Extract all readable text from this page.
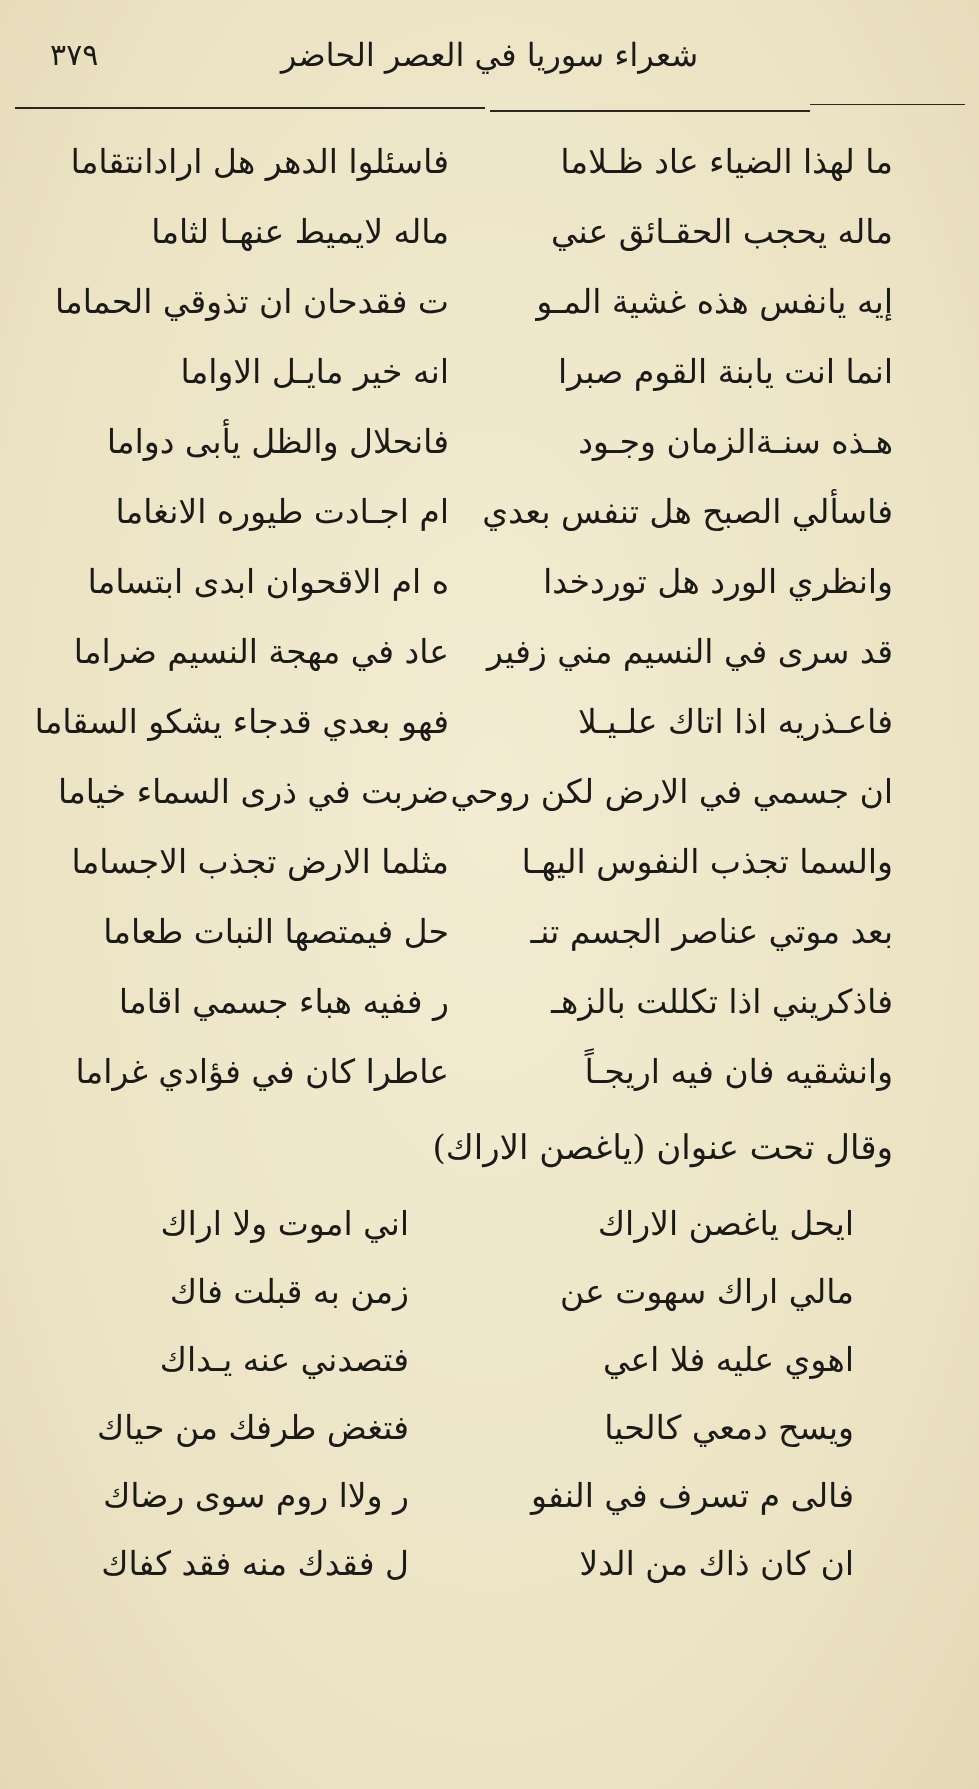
شعراء سوريا في العصر الحاضر
٣٧٩
ما لهذا الضياء عاد ظـلاما
فاسئلوا الدهر هل ارادانتقاما
ماله يحجب الحقـائق عني
ماله لايميط عنهـا لثاما
إيه يانفس هذه غشية المـو
ت فقدحان ان تذوقي الحماما
انما انت يابنة القوم صبرا
انه خير مايـل الاواما
هـذه سنـةالزمان وجـود
فانحلال والظل يأبى دواما
فاسألي الصبح هل تنفس بعدي
ام اجـادت طيوره الانغاما
وانظري الورد هل توردخدا
ه ام الاقحوان ابدى ابتساما
قد سرى في النسيم مني زفير
عاد في مهجة النسيم ضراما
فاعـذريه اذا اتاك علـيـلا
فهو بعدي قدجاء يشكو السقاما
ان جسمي في الارض لكن روحي
ضربت في ذرى السماء خياما
والسما تجذب النفوس اليهـا
مثلما الارض تجذب الاجساما
بعد موتي عناصر الجسم تنـ
حل فيمتصها النبات طعاما
فاذكريني اذا تكللت بالزهـ
ر ففيه هباء جسمي اقاما
وانشقيه فان فيه اريجـاً
عاطرا كان في فؤادي غراما
وقال تحت عنوان (ياغصن الاراك)
ايحل ياغصن الاراك
اني اموت ولا اراك
مالي اراك سهوت عن
زمن به قبلت فاك
اهوي عليه فلا اعي
فتصدني عنه يـداك
ويسح دمعي كالحيا
فتغض طرفك من حياك
فالى م تسرف في النفو
ر ولاا روم سوى رضاك
ان كان ذاك من الدلا
ل فقدك منه فقد كفاك
